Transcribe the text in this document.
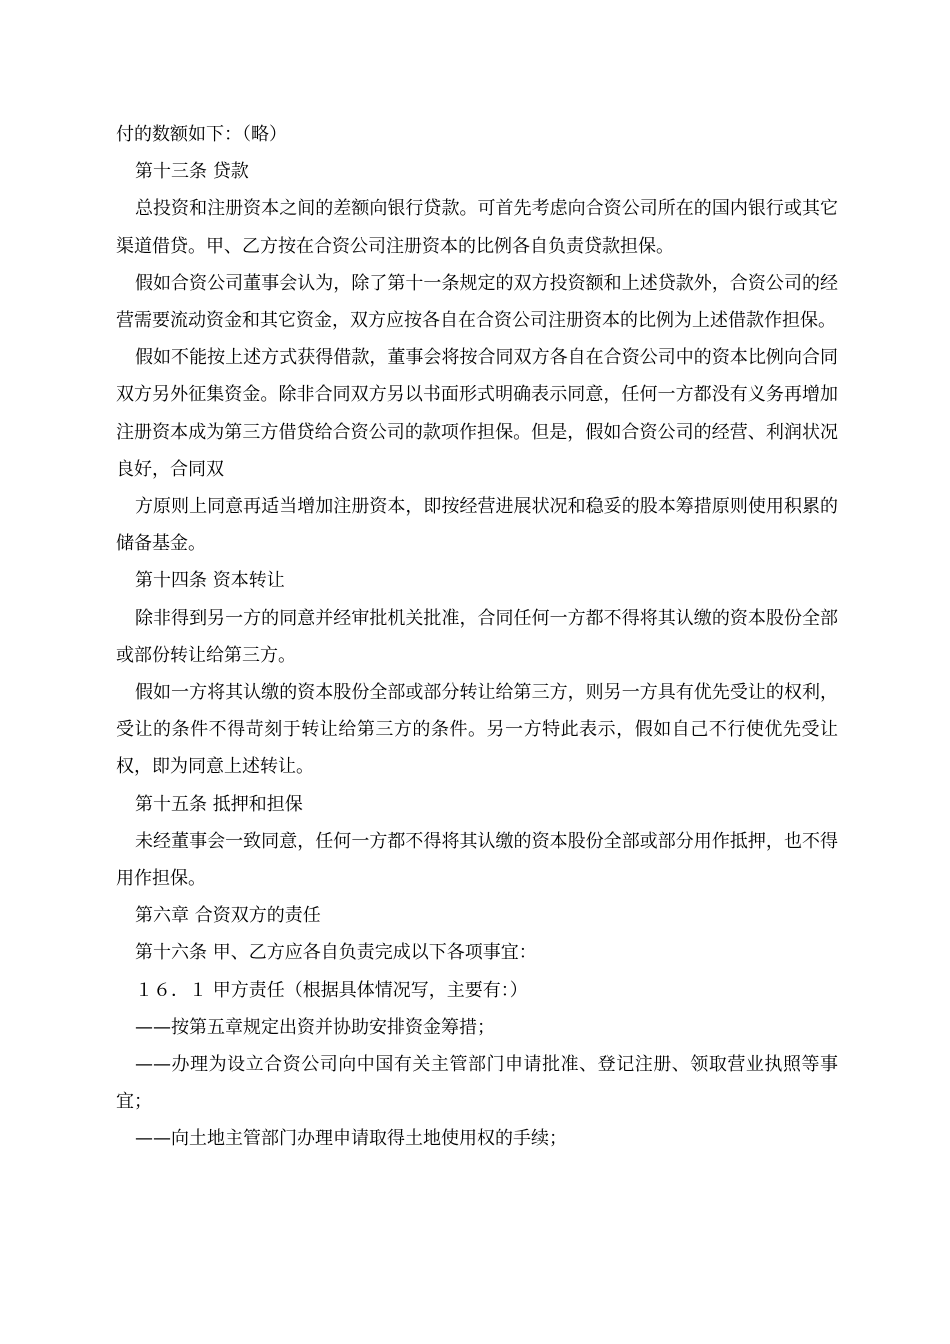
付的数额如下：（略）

第十三条 贷款

总投资和注册资本之间的差额向银行贷款。可首先考虑向合资公司所在的国内银行或其它渠道借贷。甲、乙方按在合资公司注册资本的比例各自负责贷款担保。

假如合资公司董事会认为，除了第十一条规定的双方投资额和上述贷款外，合资公司的经营需要流动资金和其它资金，双方应按各自在合资公司注册资本的比例为上述借款作担保。

假如不能按上述方式获得借款，董事会将按合同双方各自在合资公司中的资本比例向合同双方另外征集资金。除非合同双方另以书面形式明确表示同意，任何一方都没有义务再增加注册资本成为第三方借贷给合资公司的款项作担保。但是，假如合资公司的经营、利润状况良好，合同双

方原则上同意再适当增加注册资本，即按经营进展状况和稳妥的股本筹措原则使用积累的储备基金。

第十四条 资本转让

除非得到另一方的同意并经审批机关批准，合同任何一方都不得将其认缴的资本股份全部或部份转让给第三方。

假如一方将其认缴的资本股份全部或部分转让给第三方，则另一方具有优先受让的权利，受让的条件不得苛刻于转让给第三方的条件。另一方特此表示，假如自己不行使优先受让权，即为同意上述转让。

第十五条 抵押和担保

未经董事会一致同意，任何一方都不得将其认缴的资本股份全部或部分用作抵押，也不得用作担保。

第六章 合资双方的责任

第十六条 甲、乙方应各自负责完成以下各项事宜：

１６．１ 甲方责任（根据具体情况写，主要有：）

——按第五章规定出资并协助安排资金筹措；

——办理为设立合资公司向中国有关主管部门申请批准、登记注册、领取营业执照等事宜；

——向土地主管部门办理申请取得土地使用权的手续；
